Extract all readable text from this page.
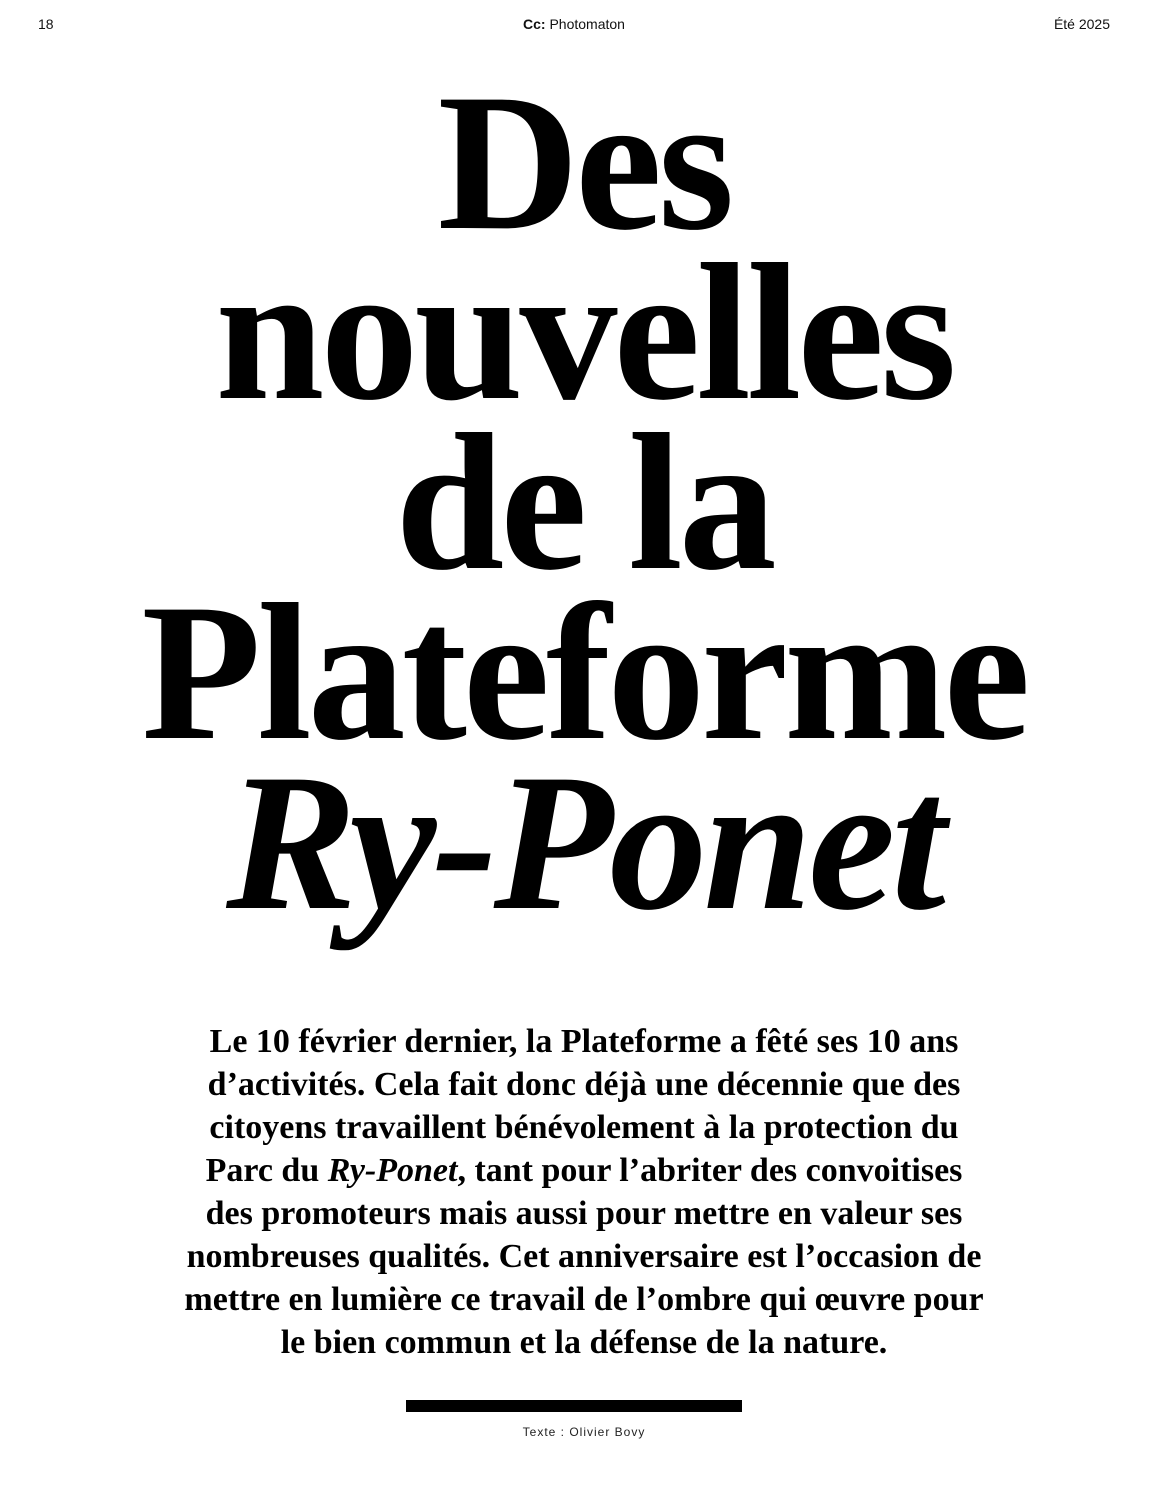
18	Cc: Photomaton	Été 2025
Des
nouvelles
de la
Plateforme
Ry-Ponet

Le 10 février dernier, la Plateforme a fêté ses 10 ans
d’activités. Cela fait donc déjà une décennie que des
citoyens travaillent bénévolement à la protection du
Parc du Ry-Ponet, tant pour l’abriter des convoitises
des promoteurs mais aussi pour mettre en valeur ses
nombreuses qualités. Cet anniversaire est l’occasion de
mettre en lumière ce travail de l’ombre qui œuvre pour
le bien commun et la défense de la nature.

Texte : Olivier Bovy
